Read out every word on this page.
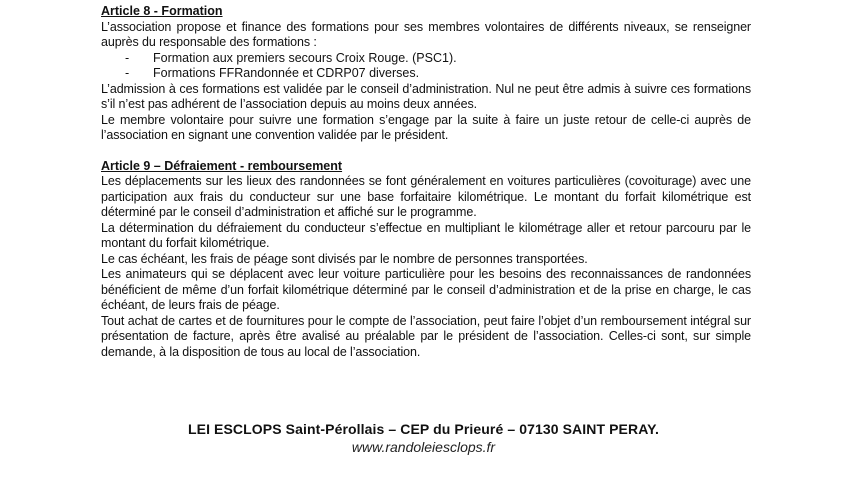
Article 8 - Formation

L’association propose et finance des formations pour ses membres volontaires de différents niveaux, se renseigner auprès du responsable des formations :

-	Formation aux premiers secours Croix Rouge. (PSC1).
-	Formations FFRandonnée et CDRP07 diverses.

L’admission à ces formations est validée par le conseil d’administration. Nul ne peut être admis à suivre ces formations s’il n’est pas adhérent de l’association depuis au moins deux années.

Le membre volontaire pour suivre une formation s’engage par la suite à faire un juste retour de celle-ci auprès de l’association en signant une convention validée par le président.

Article 9 – Défraiement - remboursement

Les déplacements sur les lieux des randonnées se font généralement en voitures particulières (covoiturage) avec une participation aux frais du conducteur sur une base forfaitaire kilométrique. Le montant du forfait kilométrique est déterminé par le conseil d’administration et affiché sur le programme.

La détermination du défraiement du conducteur s’effectue en multipliant le kilométrage aller et retour parcouru par le montant du forfait kilométrique.

Le cas échéant, les frais de péage sont divisés par le nombre de personnes transportées.

Les animateurs qui se déplacent avec leur voiture particulière pour les besoins des reconnaissances de randonnées bénéficient de même d’un forfait kilométrique déterminé par le conseil d’administration et de la prise en charge, le cas échéant, de leurs frais de péage.

Tout achat de cartes et de fournitures pour le compte de l’association, peut faire l’objet d’un remboursement intégral sur présentation de facture, après être avalisé au préalable par le président de l’association. Celles-ci sont, sur simple demande, à la disposition de tous au local de l’association.

LEI ESCLOPS Saint-Pérollais – CEP du Prieuré – 07130 SAINT PERAY.
www.randoleiesclops.fr
